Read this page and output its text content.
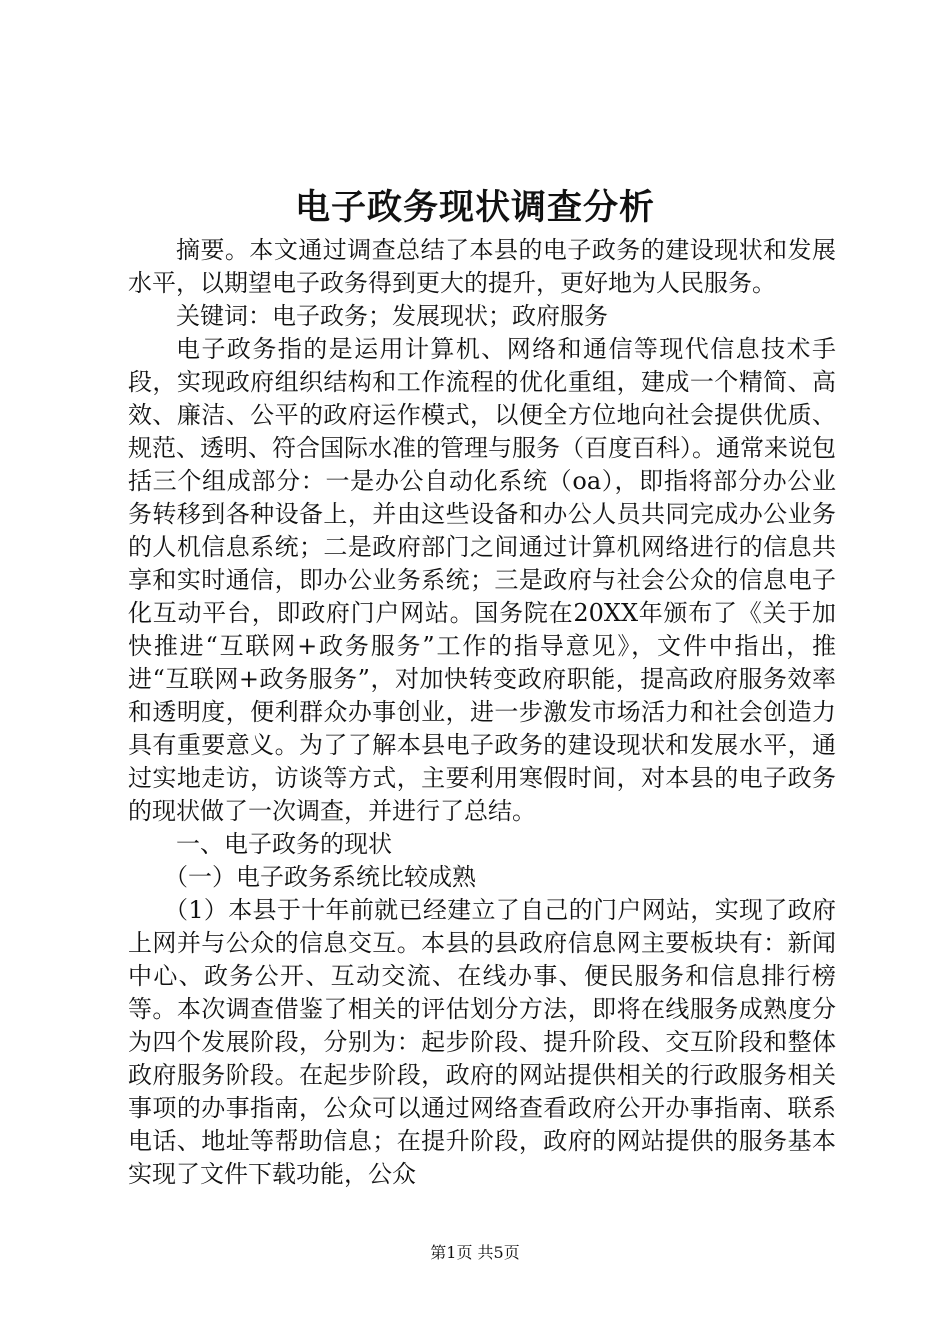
电子政务现状调查分析

摘要。本文通过调查总结了本县的电子政务的建设现状和发展水平，以期望电子政务得到更大的提升，更好地为人民服务。

关键词：电子政务；发展现状；政府服务

电子政务指的是运用计算机、网络和通信等现代信息技术手段，实现政府组织结构和工作流程的优化重组，建成一个精简、高效、廉洁、公平的政府运作模式，以便全方位地向社会提供优质、规范、透明、符合国际水准的管理与服务（百度百科）。通常来说包括三个组成部分：一是办公自动化系统（oa），即指将部分办公业务转移到各种设备上，并由这些设备和办公人员共同完成办公业务的人机信息系统；二是政府部门之间通过计算机网络进行的信息共享和实时通信，即办公业务系统；三是政府与社会公众的信息电子化互动平台，即政府门户网站。国务院在20XX年颁布了《关于加快推进“互联网+政务服务”工作的指导意见》，文件中指出，推进“互联网+政务服务”，对加快转变政府职能，提高政府服务效率和透明度，便利群众办事创业，进一步激发市场活力和社会创造力具有重要意义。为了了解本县电子政务的建设现状和发展水平，通过实地走访，访谈等方式，主要利用寒假时间，对本县的电子政务的现状做了一次调查，并进行了总结。

一、电子政务的现状

（一）电子政务系统比较成熟

（1）本县于十年前就已经建立了自己的门户网站，实现了政府上网并与公众的信息交互。本县的县政府信息网主要板块有：新闻中心、政务公开、互动交流、在线办事、便民服务和信息排行榜等。本次调查借鉴了相关的评估划分方法，即将在线服务成熟度分为四个发展阶段，分别为：起步阶段、提升阶段、交互阶段和整体政府服务阶段。在起步阶段，政府的网站提供相关的行政服务相关事项的办事指南，公众可以通过网络查看政府公开办事指南、联系电话、地址等帮助信息；在提升阶段，政府的网站提供的服务基本实现了文件下载功能，公众

第1页 共5页
